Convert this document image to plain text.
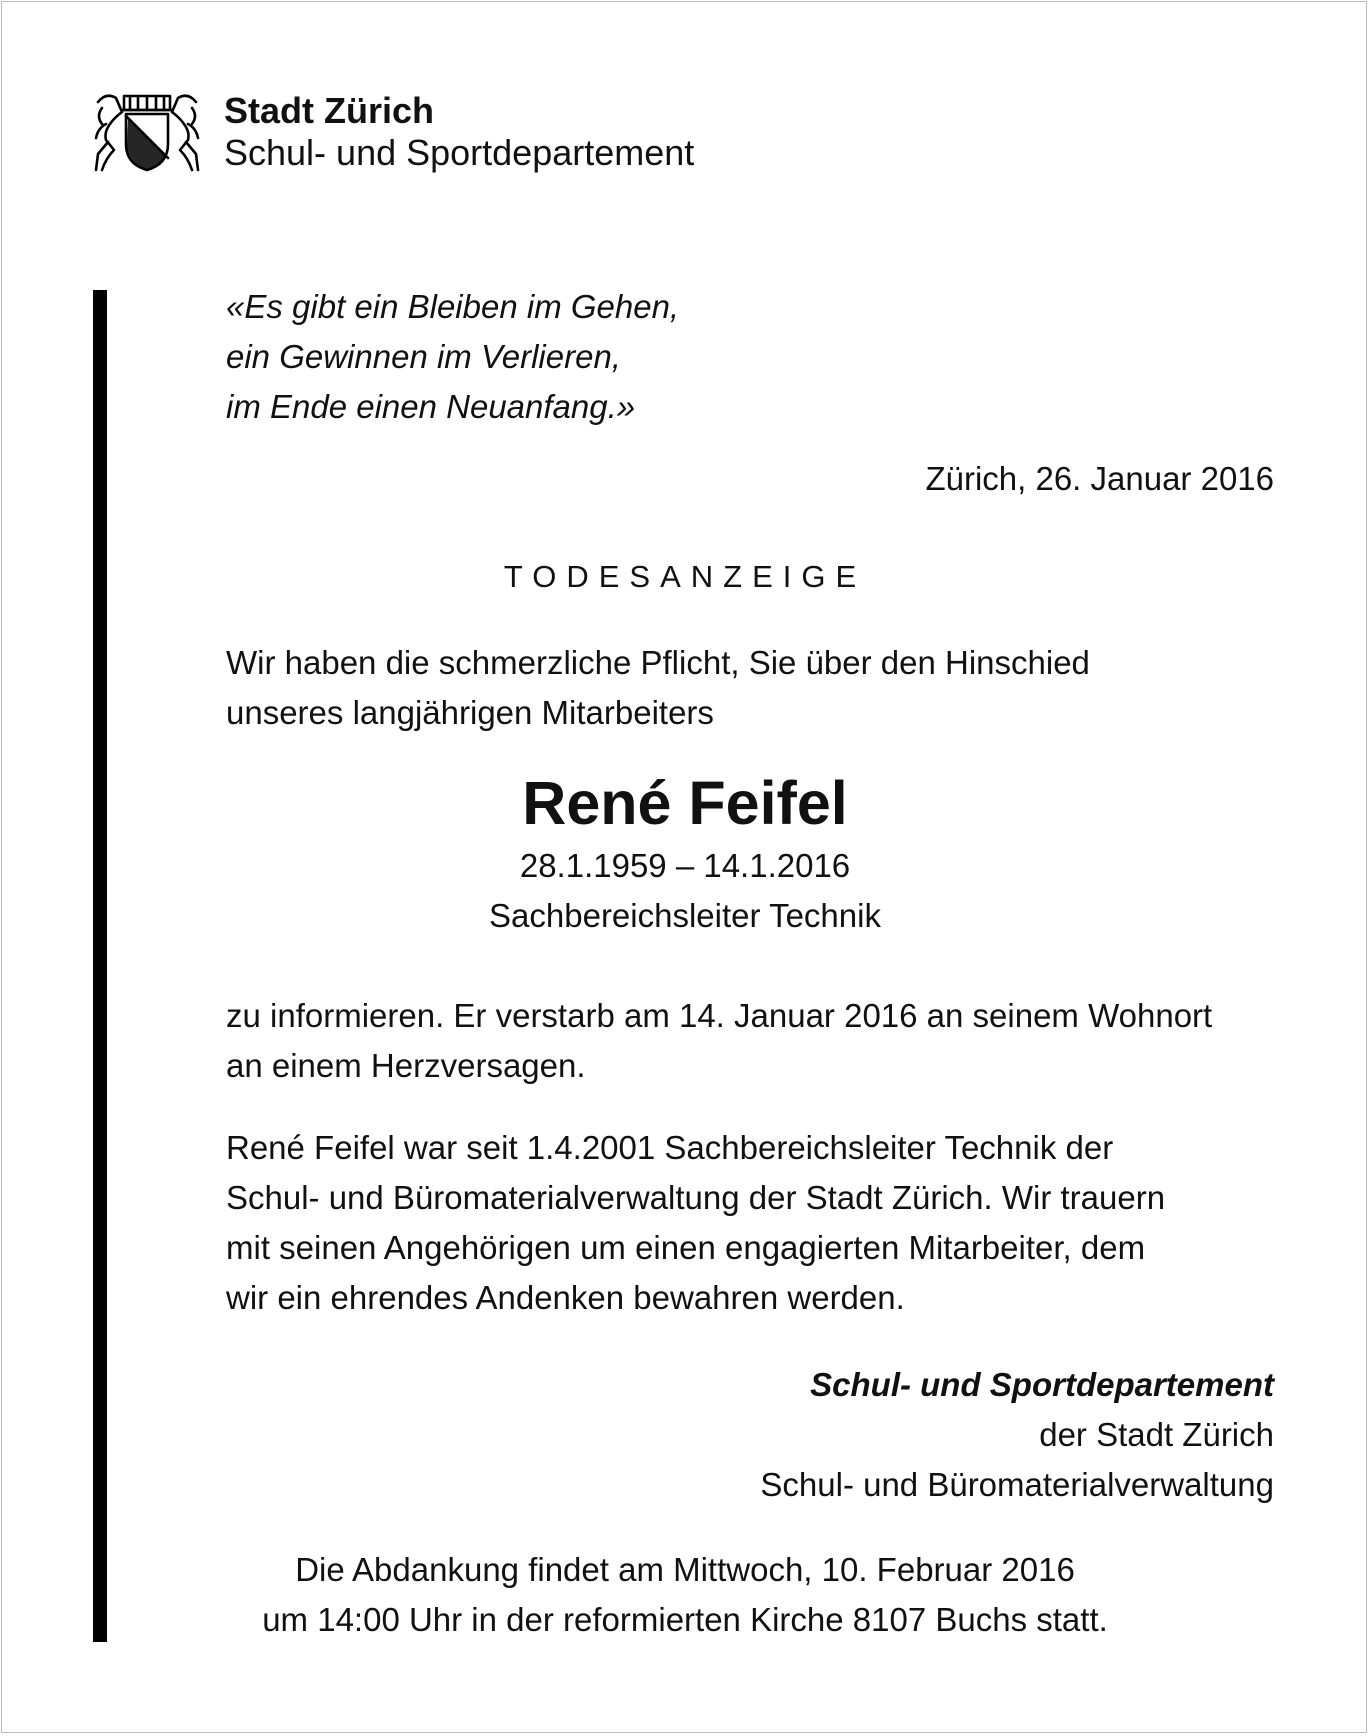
Stadt Zürich
Schul- und Sportdepartement
«Es gibt ein Bleiben im Gehen,
ein Gewinnen im Verlieren,
im Ende einen Neuanfang.»
Zürich, 26. Januar 2016
TODESANZEIGE
Wir haben die schmerzliche Pflicht, Sie über den Hinschied
unseres langjährigen Mitarbeiters
René Feifel
28.1.1959 – 14.1.2016
Sachbereichsleiter Technik
zu informieren. Er verstarb am 14. Januar 2016 an seinem Wohnort
an einem Herzversagen.
René Feifel war seit 1.4.2001 Sachbereichsleiter Technik der
Schul- und Büromaterialverwaltung der Stadt Zürich. Wir trauern
mit seinen Angehörigen um einen engagierten Mitarbeiter, dem
wir ein ehrendes Andenken bewahren werden.
Schul- und Sportdepartement
der Stadt Zürich
Schul- und Büromaterialverwaltung
Die Abdankung findet am Mittwoch, 10. Februar 2016
um 14:00 Uhr in der reformierten Kirche 8107 Buchs statt.
